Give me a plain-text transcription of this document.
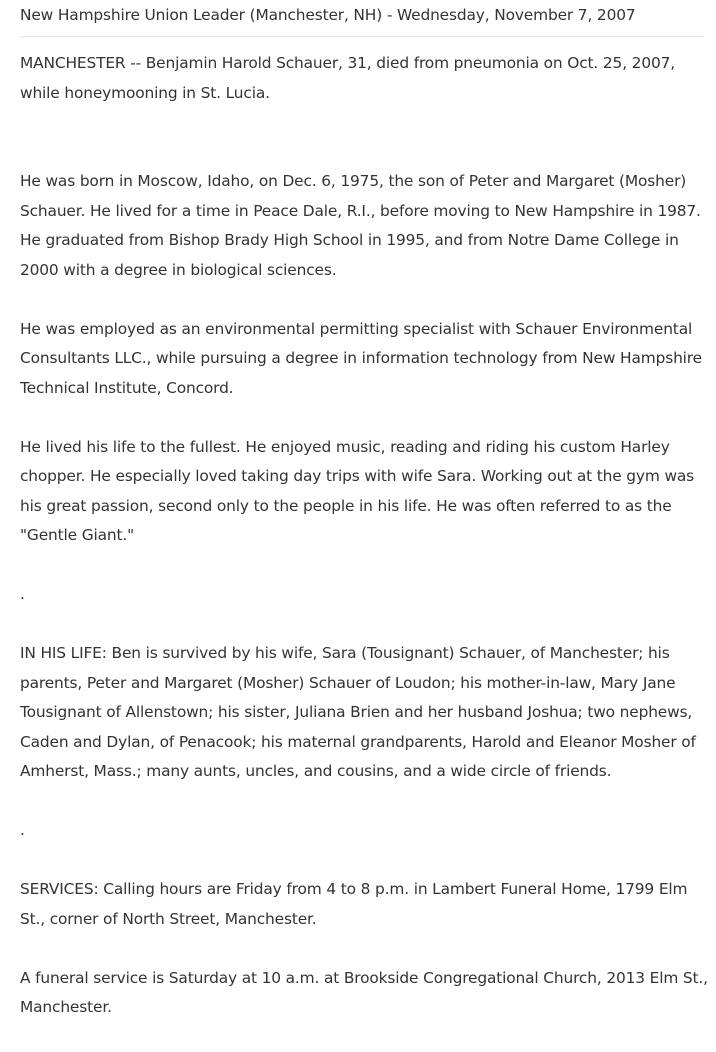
New Hampshire Union Leader (Manchester, NH) - Wednesday, November 7, 2007

MANCHESTER -- Benjamin Harold Schauer, 31, died from pneumonia on Oct. 25, 2007, while honeymooning in St. Lucia.

He was born in Moscow, Idaho, on Dec. 6, 1975, the son of Peter and Margaret (Mosher) Schauer. He lived for a time in Peace Dale, R.I., before moving to New Hampshire in 1987. He graduated from Bishop Brady High School in 1995, and from Notre Dame College in 2000 with a degree in biological sciences.

He was employed as an environmental permitting specialist with Schauer Environmental Consultants LLC., while pursuing a degree in information technology from New Hampshire Technical Institute, Concord.

He lived his life to the fullest. He enjoyed music, reading and riding his custom Harley chopper. He especially loved taking day trips with wife Sara. Working out at the gym was his great passion, second only to the people in his life. He was often referred to as the "Gentle Giant."

.

IN HIS LIFE: Ben is survived by his wife, Sara (Tousignant) Schauer, of Manchester; his parents, Peter and Margaret (Mosher) Schauer of Loudon; his mother-in-law, Mary Jane Tousignant of Allenstown; his sister, Juliana Brien and her husband Joshua; two nephews, Caden and Dylan, of Penacook; his maternal grandparents, Harold and Eleanor Mosher of Amherst, Mass.; many aunts, uncles, and cousins, and a wide circle of friends.

.

SERVICES: Calling hours are Friday from 4 to 8 p.m. in Lambert Funeral Home, 1799 Elm St., corner of North Street, Manchester.

A funeral service is Saturday at 10 a.m. at Brookside Congregational Church, 2013 Elm St., Manchester.
